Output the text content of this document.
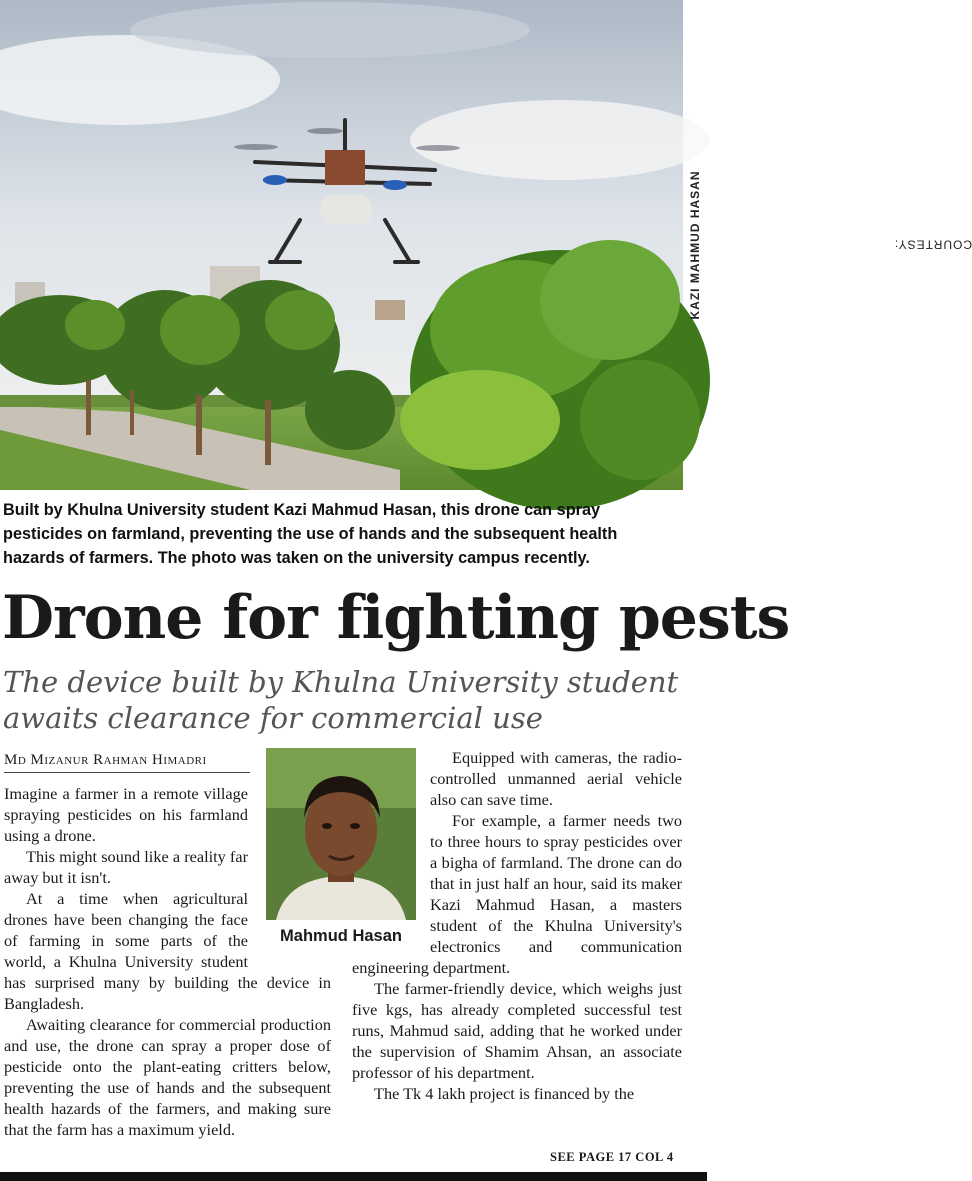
COURTESY:
KAZI MAHMUD HASAN
Built by Khulna University student Kazi Mahmud Hasan, this drone can spray pesticides on farmland, preventing the use of hands and the subsequent health hazards of farmers. The photo was taken on the university campus recently.
Drone for fighting pests
The device built by Khulna University student awaits clearance for commercial use
Md Mizanur Rahman Himadri
Mahmud Hasan

Imagine a farmer in a remote village spraying pesticides on his farmland using a drone.

This might sound like a reality far away but it isn't.

At a time when agricultural drones have been changing the face of farming in some parts of the world, a Khulna University student has surprised many by building the device in Bangladesh.

Awaiting clearance for commercial production and use, the drone can spray a proper dose of pesticide onto the plant-eating critters below, preventing the use of hands and the subsequent health hazards of the farmers, and making sure that the farm has a maximum yield.

Equipped with cameras, the radio-controlled unmanned aerial vehicle also can save time.

For example, a farmer needs two to three hours to spray pesticides over a bigha of farmland. The drone can do that in just half an hour, said its maker Kazi Mahmud Hasan, a masters student of the Khulna University's electronics and communication engineering department.

The farmer-friendly device, which weighs just five kgs, has already completed successful test runs, Mahmud said, adding that he worked under the supervision of Shamim Ahsan, an associate professor of his department.

The Tk 4 lakh project is financed by the

SEE PAGE 17 COL 4
